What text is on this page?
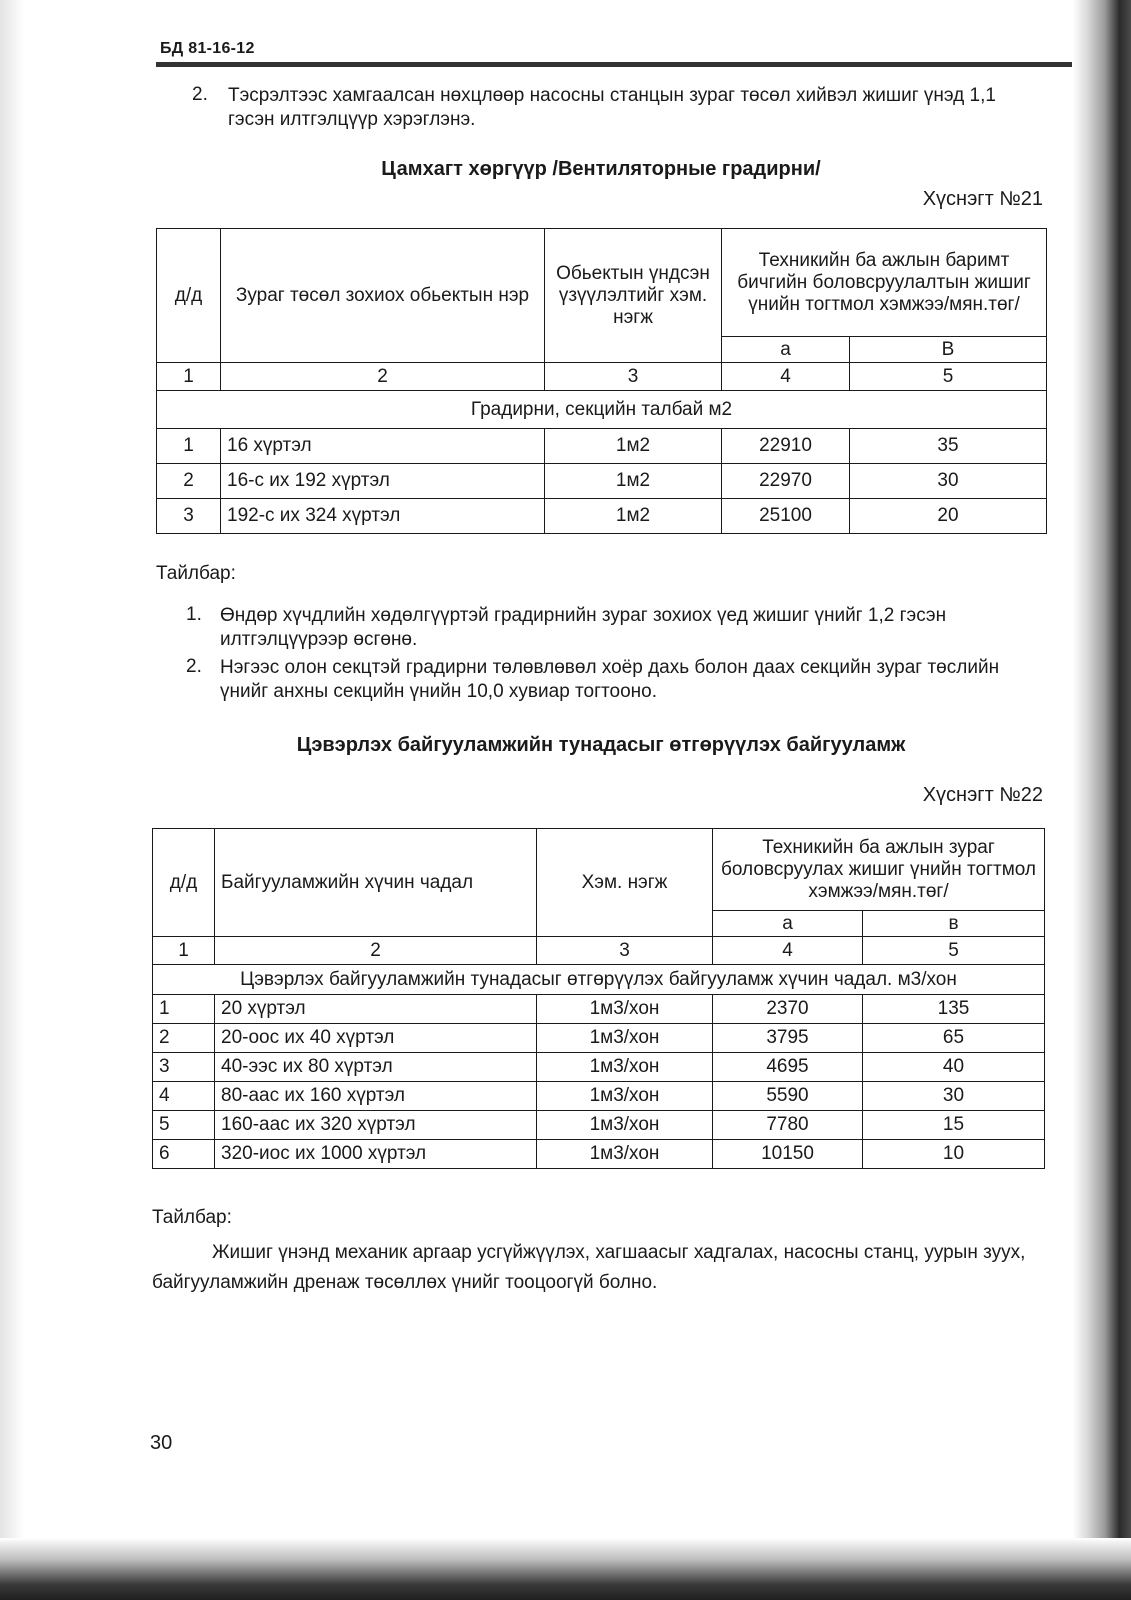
БД 81-16-12
2. Тэсрэлтээс хамгаалсан нөхцлөөр насосны станцын зураг төсөл хийвэл жишиг үнэд 1,1 гэсэн илтгэлцүүр хэрэглэнэ.
Цамхагт хөргүүр /Вентиляторные градирни/
Хүснэгт №21
д/д	Зураг төсөл зохиох обьектын нэр	Обьектын үндсэн үзүүлэлтийг хэм. нэгж	Техникийн ба ажлын баримт бичгийн боловсруулалтын жишиг үнийн тогтмол хэмжээ/мян.төг/	
			а	В
1	2	3	4	5
Градирни, секцийн талбай м2				
1	16 хүртэл	1м2	22910	35
2	16-с их 192 хүртэл	1м2	22970	30
3	192-с их 324 хүртэл	1м2	25100	20
Тайлбар:
1. Өндөр хүчдлийн хөдөлгүүртэй градирнийн зураг зохиох үед жишиг үнийг 1,2 гэсэн илтгэлцүүрээр өсгөнө.
2. Нэгээс олон секцтэй градирни төлөвлөвөл хоёр дахь болон даах секцийн зураг төслийн үнийг анхны секцийн үнийн 10,0 хувиар тогтооно.
Цэвэрлэх байгууламжийн тунадасыг өтгөрүүлэх байгууламж
Хүснэгт №22
д/д	Байгууламжийн хүчин чадал	Хэм. нэгж	Техникийн ба ажлын зураг боловсруулах жишиг үнийн тогтмол хэмжээ/мян.төг/	
			а	в
1	2	3	4	5
Цэвэрлэх байгууламжийн тунадасыг өтгөрүүлэх байгууламж хүчин чадал. м3/хон				
1	20 хүртэл	1м3/хон	2370	135
2	20-оос их 40 хүртэл	1м3/хон	3795	65
3	40-ээс их 80 хүртэл	1м3/хон	4695	40
4	80-аас их 160 хүртэл	1м3/хон	5590	30
5	160-аас их 320 хүртэл	1м3/хон	7780	15
6	320-иос их 1000 хүртэл	1м3/хон	10150	10
Тайлбар:
Жишиг үнэнд механик аргаар усгүйжүүлэх, хагшаасыг хадгалах, насосны станц, уурын зуух, байгууламжийн дренаж төсөллөх үнийг тооцоогүй болно.
30
